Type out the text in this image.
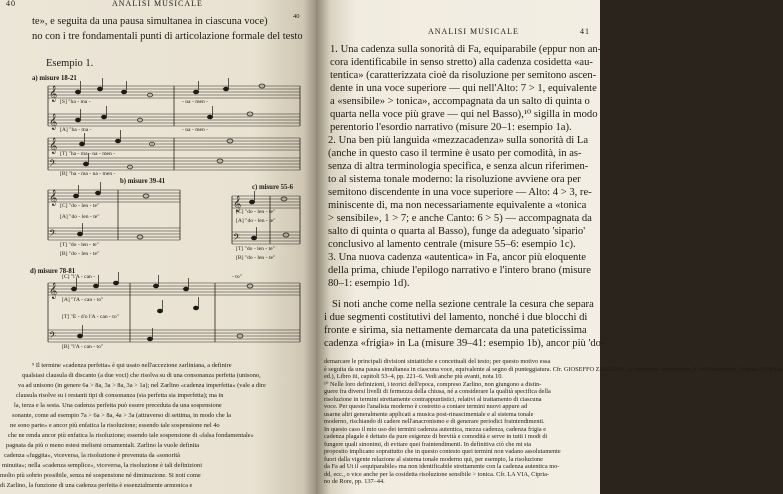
40	ANALISI MUSICALE
te», e seguita da una pausa simultanea in ciascuna voce)	40
no con i tre fondamentali punti di articolazione formale del testo
Esempio 1.
𝄞
𝄞
𝄞
𝄢
𝄞
𝄢
𝄞
𝄢
𝄞
𝄢
a) misure 18-21
[S] "ha - ma -	- na - men -
[A] "ha - ma -	- na - men -
[T] "ha - ma - na - men -
[B] "ha - ma - na - men -
b) misure 39-41
[C] "do - len - te"
[A] "do - len - te"
[T] "do - len - te"
[B] "do - len - te"
c) misure 55-6
[C] "do - len - te"
[A] "do - len - te"
[T] "do - len - te"
[B] "do - len - te"
d) misure 78-81
[C] "l'A - can -	- to"
[A] "l'A - can - to"
[T] "E - d'o l'A - can - to"
[B] "l'A - can - to"
⁹ Il termine «cadenza perfetta» è qui usato nell'accezione zarliniana, a definire
qualsiasi clausula di discanto (a due voci) che risolva su di una consonanza perfetta (unisono,
va ad unisono (in genere 6a > 8a, 3a > 8a, 3a > 1a); nel Zarlino «cadenza imperfetta» (vale a dire
clausula risolve su i restanti tipi di consonanza (sia perfetta sia imperfetta); ma in
la, terza e la sesta. Una cadenza perfetta può essere preceduta da una sospensione
sonante, come ad esempio 7a > 6a > 8a, 4a > 3a (attraverso di settima, in modo che la
ne sono parte» e ancor più enfatica la risoluzione; essendo tale sospensione nel 4o
che ne renda ancor più enfatica la risoluzione; essendo tale sospensione di «falsa fondamentale»
pagnata da più o meno estesi melismi ornamentali. Zarlino la vuole definita
cadenza «fuggita», viceversa, la risoluzione è prevenuta da «sonorità
minuita»; nella «cadenza semplice», viceversa, la risoluzione è tali definizioni
molto più sobrio possibile, senza né sospensione né diminuzione. Si noti come
di Zarlino, la funzione di una cadenza perfetta è essenzialmente armonica e
ANALISI MUSICALE	41
1. Una cadenza sulla sonorità di Fa, equiparabile (eppur non an-
cora identificabile in senso stretto) alla cadenza cosidetta «au-
tentica» (caratterizzata cioè da risoluzione per semitono ascen-
dente in una voce superiore — qui nell'Alto: 7 > 1, equivalente
a «sensibile» > tonica», accompagnata da un salto di quinta o
quarta nella voce più grave — qui nel Basso),¹⁰ sigilla in modo
perentorio l'esordio narrativo (misure 20–1: esempio 1a).
2. Una ben più languida «mezzacadenza» sulla sonorità di La
(anche in questo caso il termine è usato per comodità, in as-
senza di altra terminologia specifica, e senza alcun riferimen-
to al sistema tonale moderno: la risoluzione avviene ora per
semitono discendente in una voce superiore — Alto: 4 > 3, re-
miniscente di, ma non necessariamente equivalente a «tonica
> sensibile», 1 > 7; e anche Canto: 6 > 5) — accompagnata da
salto di quinta o quarta al Basso), funge da adeguato 'sipario'
conclusivo al lamento centrale (misure 55–6: esempio 1c).
3. Una nuova cadenza «autentica» in Fa, ancor più eloquente
della prima, chiude l'epilogo narrativo e l'intero brano (misure
80–1: esempio 1d).
Si noti anche come nella sezione centrale la cesura che separa
i due segmenti costitutivi del lamento, nonché i due blocchi di
fronte e sirima, sia nettamente demarcata da una pateticissima
cadenza «frigia» in La (misure 39–41: esempio 1b), ancor più 'do-
demarcare le principali divisioni sintattiche e concettuali del testo; per questo motivo essa
è seguita da una pausa simultanea in ciascuna voce, equivalente al segno di punteggiatura. Cfr. GIOSEFFO ZARLINO, Le istitutioni harmoniche, F. dei Franceschi, Venezia 1558 (3a
ed.), Libro iii, capitoli 53–4, pp. 221–6. Vedi anche più avanti, nota 10.
¹⁰ Nelle loro definizioni, i teorici dell'epoca, compreso Zarlino, non giungono a distin-
guere fra diversi livelli di fermezza della chiusa, né a considerare la qualità specifica della
risoluzione in termini strettamente contrappuntistici, relativi al trattamento di ciascuna
voce. Per questo l'analista moderno è costretto a coniare termini nuovi appure ad
usarne altri generalmente applicati a musica post-rinascimentale e al sistema tonale
moderno, rischiando di cadere nell'anacronismo e di generare periodici fraintendimenti.
In questo caso il mio uso dei termini cadenza autentica, mezza cadenza, cadenza frigia e
cadenza plagale è dettato da pure esigenze di brevità e comodità e serve in tutti i modi di
fungere quali sinonimi, di evitare quei fraintendimenti. In definitiva ciò che mi sta
proposito implicano soprattutto che in questo contesto quei termini non vadano assolutamente
fuori dalla vigente relazione al sistema tonale moderno qui, per esempio, la risoluzione
da Fa ad Ut il «equiparabile» ma non identificabile strettamente con la cadenza autentica mo-
dd, ecc., o vice anche per la cosidetta risoluzione sensibile > tonica. Cfr. LA VIA, Cipria-
no de Rore, pp. 137–44.
